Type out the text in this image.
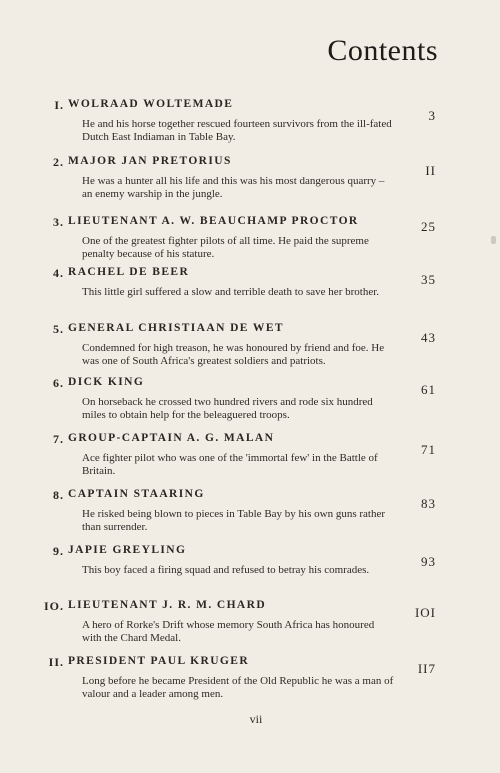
Contents
I. WOLRAAD WOLTEMADE
He and his horse together rescued fourteen survivors from the ill-fated Dutch East Indiaman in Table Bay.
3
2. MAJOR JAN PRETORIUS
He was a hunter all his life and this was his most dangerous quarry – an enemy warship in the jungle.
II
3. LIEUTENANT A. W. BEAUCHAMP PROCTOR
One of the greatest fighter pilots of all time. He paid the supreme penalty because of his stature.
25
4. RACHEL DE BEER
This little girl suffered a slow and terrible death to save her brother.
35
5. GENERAL CHRISTIAAN DE WET
Condemned for high treason, he was honoured by friend and foe. He was one of South Africa's greatest soldiers and patriots.
43
6. DICK KING
On horseback he crossed two hundred rivers and rode six hundred miles to obtain help for the beleaguered troops.
61
7. GROUP-CAPTAIN A. G. MALAN
Ace fighter pilot who was one of the 'immortal few' in the Battle of Britain.
71
8. CAPTAIN STAARING
He risked being blown to pieces in Table Bay by his own guns rather than surrender.
83
9. JAPIE GREYLING
This boy faced a firing squad and refused to betray his comrades.
93
IO. LIEUTENANT J. R. M. CHARD
A hero of Rorke's Drift whose memory South Africa has honoured with the Chard Medal.
IOI
II. PRESIDENT PAUL KRUGER
Long before he became President of the Old Republic he was a man of valour and a leader among men.
II7
vii
